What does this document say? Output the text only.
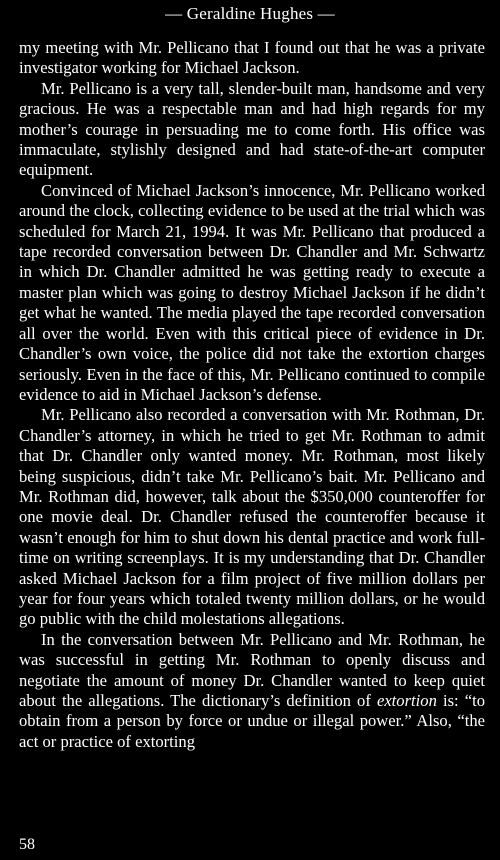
— Geraldine Hughes —

my meeting with Mr. Pellicano that I found out that he was a private investigator working for Michael Jackson.

Mr. Pellicano is a very tall, slender-built man, handsome and very gracious. He was a respectable man and had high regards for my mother’s courage in persuading me to come forth. His office was immaculate, stylishly designed and had state-of-the-art computer equipment.

Convinced of Michael Jackson’s innocence, Mr. Pellicano worked around the clock, collecting evidence to be used at the trial which was scheduled for March 21, 1994. It was Mr. Pellicano that produced a tape recorded conversation between Dr. Chandler and Mr. Schwartz in which Dr. Chandler admitted he was getting ready to execute a master plan which was going to destroy Michael Jackson if he didn’t get what he wanted. The media played the tape recorded conversation all over the world. Even with this critical piece of evidence in Dr. Chandler’s own voice, the police did not take the extortion charges seriously. Even in the face of this, Mr. Pellicano continued to compile evidence to aid in Michael Jackson’s defense.

Mr. Pellicano also recorded a conversation with Mr. Rothman, Dr. Chandler’s attorney, in which he tried to get Mr. Rothman to admit that Dr. Chandler only wanted money. Mr. Rothman, most likely being suspicious, didn’t take Mr. Pellicano’s bait. Mr. Pellicano and Mr. Rothman did, however, talk about the $350,000 counteroffer for one movie deal. Dr. Chandler refused the counteroffer because it wasn’t enough for him to shut down his dental practice and work full-time on writing screenplays. It is my understanding that Dr. Chandler asked Michael Jackson for a film project of five million dollars per year for four years which totaled twenty million dollars, or he would go public with the child molestations allegations.

In the conversation between Mr. Pellicano and Mr. Rothman, he was successful in getting Mr. Rothman to openly discuss and negotiate the amount of money Dr. Chandler wanted to keep quiet about the allegations. The dictionary’s definition of extortion is: “to obtain from a person by force or undue or illegal power.” Also, “the act or practice of extorting

58
